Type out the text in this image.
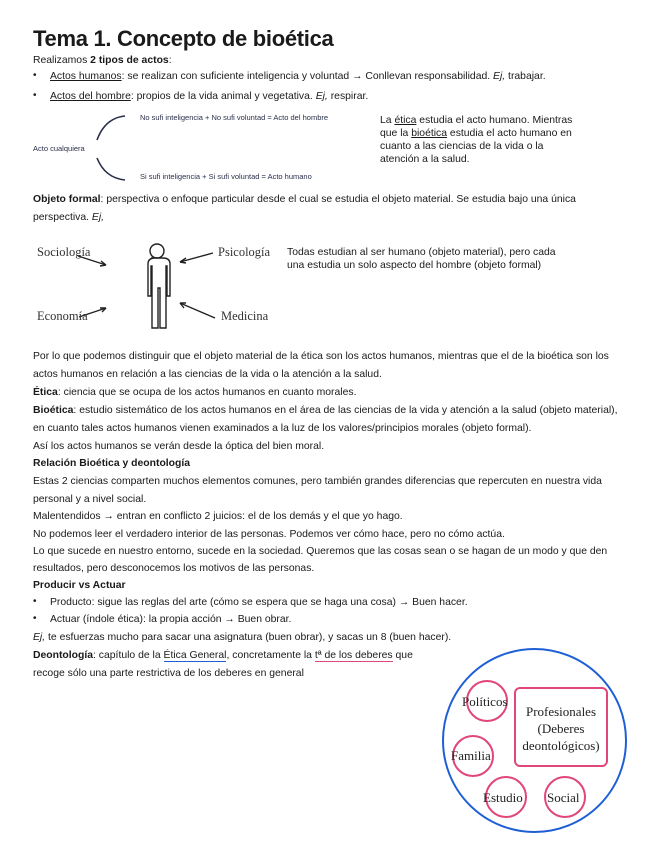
Tema 1. Concepto de bioética
Realizamos 2 tipos de actos:
• Actos humanos: se realizan con suficiente inteligencia y voluntad → Conllevan responsabilidad. Ej, trabajar.
• Actos del hombre: propios de la vida animal y vegetativa. Ej, respirar.
Acto cualquiera
No sufi inteligencia + No sufi voluntad = Acto del hombre
Si sufi inteligencia + Si sufi voluntad = Acto humano
La ética estudia el acto humano. Mientras
que la bioética estudia el acto humano en
cuanto a las ciencias de la vida o la
atención a la salud.
Objeto formal: perspectiva o enfoque particular desde el cual se estudia el objeto material. Se estudia bajo una única
perspectiva. Ej,
Sociología	Psicología
Economía	Medicina
Todas estudian al ser humano (objeto material), pero cada
una estudia un solo aspecto del hombre (objeto formal)
Por lo que podemos distinguir que el objeto material de la ética son los actos humanos, mientras que el de la bioética son los
actos humanos en relación a las ciencias de la vida o la atención a la salud.
Ética: ciencia que se ocupa de los actos humanos en cuanto morales.
Bioética: estudio sistemático de los actos humanos en el área de las ciencias de la vida y atención a la salud (objeto material),
en cuanto tales actos humanos vienen examinados a la luz de los valores/principios morales (objeto formal).
Así los actos humanos se verán desde la óptica del bien moral.
Relación Bioética y deontología
Estas 2 ciencias comparten muchos elementos comunes, pero también grandes diferencias que repercuten en nuestra vida
personal y a nivel social.
Malentendidos → entran en conflicto 2 juicios: el de los demás y el que yo hago.
No podemos leer el verdadero interior de las personas. Podemos ver cómo hace, pero no cómo actúa.
Lo que sucede en nuestro entorno, sucede en la sociedad. Queremos que las cosas sean o se hagan de un modo y que den
resultados, pero desconocemos los motivos de las personas.
Producir vs Actuar
• Producto: sigue las reglas del arte (cómo se espera que se haga una cosa) → Buen hacer.
• Actuar (índole ética): la propia acción → Buen obrar.
Ej, te esfuerzas mucho para sacar una asignatura (buen obrar), y sacas un 8 (buen hacer).
Deontología: capítulo de la Ética General, concretamente la tª de los deberes que
recoge sólo una parte restrictiva de los deberes en general
Profesionales
(Deberes
deontológicos)
Políticos
Familia
Estudio Social
